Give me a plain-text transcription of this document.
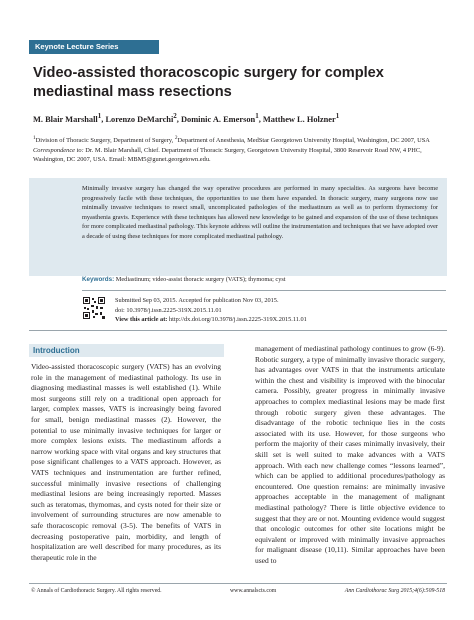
Keynote Lecture Series
Video-assisted thoracoscopic surgery for complex mediastinal mass resections
M. Blair Marshall$^1$, Lorenzo DeMarchi$^2$, Dominic A. Emerson$^1$, Matthew L. Holzner$^1$

$^1$Division of Thoracic Surgery, Department of Surgery, $^2$Department of Anesthesia, MedStar Georgetown University Hospital, Washington, DC 2007, USA

Correspondence to: Dr. M. Blair Marshall, Chief. Department of Thoracic Surgery, Georgetown University Hospital, 3800 Reservoir Road NW, 4 PHC, Washington, DC 2007, USA. Email: MBM5@gunet.georgetown.edu.

Minimally invasive surgery has changed the way operative procedures are performed in many specialties. As surgeons have become progressively facile with these techniques, the opportunities to use them have expanded. In thoracic surgery, many surgeons now use minimally invasive techniques to resect small, uncomplicated pathologies of the mediastinum as well as to perform thymectomy for myasthenia gravis. Experience with these techniques has allowed new knowledge to be gained and expansion of the use of these techniques for more complicated mediastinal pathology. This keynote address will outline the instrumentation and techniques that we have adopted over a decade of using these techniques for more complicated mediastinal pathology.
Keywords: Mediastinum; video-assist thoracic surgery (VATS); thymoma; cyst
Submitted Sep 03, 2015. Accepted for publication Nov 03, 2015.
doi: 10.3978/j.issn.2225-319X.2015.11.01
View this article at: http://dx.doi.org/10.3978/j.issn.2225-319X.2015.11.01
Introduction

Video-assisted thoracoscopic surgery (VATS) has an evolving role in the management of mediastinal pathology. Its use in diagnosing mediastinal masses is well established (1). While most surgeons still rely on a traditional open approach for larger, complex masses, VATS is increasingly being favored for small, benign mediastinal masses (2). However, the potential to use minimally invasive techniques for larger or more complex lesions exists. The mediastinum affords a narrow working space with vital organs and key structures that pose significant challenges to a VATS approach. However, as VATS techniques and instrumentation are further refined, successful minimally invasive resections of challenging mediastinal lesions are being increasingly reported. Masses such as teratomas, thymomas, and cysts noted for their size or involvement of surrounding structures are now amenable to safe thoracoscopic removal (3-5). The benefits of VATS in decreasing postoperative pain, morbidity, and length of hospitalization are well described for many procedures, as its therapeutic role in the

management of mediastinal pathology continues to grow (6-9). Robotic surgery, a type of minimally invasive thoracic surgery, has advantages over VATS in that the instruments articulate within the chest and visibility is improved with the binocular camera. Possibly, greater progress in minimally invasive approaches to complex mediastinal lesions may be made first through robotic surgery given these advantages. The disadvantage of the robotic technique lies in the costs associated with its use. However, for those surgeons who perform the majority of their cases minimally invasively, their skill set is well suited to make advances with a VATS approach. With each new challenge comes “lessons learned”, which can be applied to additional procedures/pathology as encountered. One question remains: are minimally invasive approaches acceptable in the management of malignant mediastinal pathology? There is little objective evidence to suggest that they are or not. Mounting evidence would suggest that oncologic outcomes for other site locations might be equivalent or improved with minimally invasive approaches for malignant disease (10,11). Similar approaches have been used to

© Annals of Cardiothoracic Surgery. All rights reserved.	www.annalscts.com	Ann Cardiothorac Surg 2015;4(6):509-518
